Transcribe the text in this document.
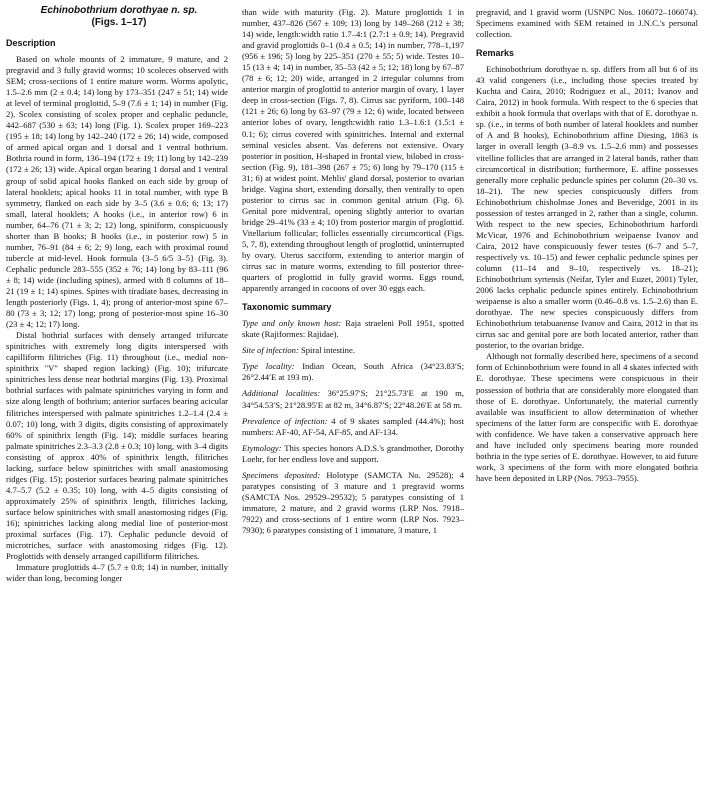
Echinobothrium dorothyae n. sp.
(Figs. 1–17)
Description

Based on whole mounts of 2 immature, 9 mature, and 2 pregravid and 3 fully gravid worms; 10 scoleces observed with SEM; cross-sections of 1 entire mature worm. Worms apolytic, 1.5–2.6 mm (2 ± 0.4; 14) long by 173–351 (247 ± 51; 14) wide at level of terminal proglottid, 5–9 (7.6 ± 1; 14) in number (Fig. 2). Scolex consisting of scolex proper and cephalic peduncle, 442–687 (530 ± 63; 14) long (Fig. 1). Scolex proper 169–223 (195 ± 18; 14) long by 142–240 (172 ± 26; 14) wide, composed of armed apical organ and 1 dorsal and 1 ventral bothrium. Bothria round in form, 136–194 (172 ± 19; 11) long by 142–239 (172 ± 26; 13) wide. Apical organ bearing 1 dorsal and 1 ventral group of solid apical hooks flanked on each side by group of lateral hooklets; apical hooks 11 in total number, with type B symmetry, flanked on each side by 3–5 (3.6 ± 0.6; 6; 13; 17) small, lateral hooklets; A hooks (i.e., in anterior row) 6 in number, 64–76 (71 ± 3; 2; 12) long, spiniform, conspicuously shorter than B hooks; B hooks (i.e., in posterior row) 5 in number, 76–91 (84 ± 6; 2; 9) long, each with proximal round tubercle at mid-level. Hook formula {3–5 6/5 3–5} (Fig. 3). Cephalic peduncle 283–555 (352 ± 76; 14) long by 83–111 (96 ± 8; 14) wide (including spines), armed with 8 columns of 18–21 (19 ± 1; 14) spines. Spines with tiradiate bases, decreasing in length posteriorly (Figs. 1, 4); prong of anterior-most spine 67–80 (73 ± 3; 12; 17) long; prong of posterior-most spine 16–30 (23 ± 4; 12; 17) long.

Distal bothrial surfaces with densely arranged trifurcate spinitriches with extremely long digits interspersed with capilliform filitriches (Fig. 11) throughout (i.e., medial non-spinithrix "V" shaped region lacking) (Fig. 10); trifurcate spinitriches less dense near bothrial margins (Fig. 13). Proximal bothrial surfaces with palmate spinitriches varying in form and size along length of bothrium; anterior surfaces bearing acicular filitriches interspersed with palmate spinitriches 1.2–1.4 (2.4 ± 0.07; 10) long, with 3 digits, digits consisting of approximately 60% of spinithrix length (Fig. 14); middle surfaces bearing palmate spinitriches 2.3–3.3 (2.8 ± 0.3; 10) long, with 3–4 digits consisting of approx 40% of spinithrix length, filitriches lacking, surface below spinitriches with small anastomosing ridges (Fig. 15); posterior surfaces bearing palmate spinitriches 4.7–5.7 (5.2 ± 0.35; 10) long, with 4–5 digits consisting of approximately 25% of spinithrix length, filitriches lacking, surface below spinitriches with small anastomosing ridges (Fig. 16); spinitriches lacking along medial line of posterior-most proximal surfaces (Fig. 17). Cephalic peduncle devoid of microtriches, surface with anastomosing ridges (Fig. 12). Proglottids with densely arranged capilliform filitriches.

Immature proglottids 4–7 (5.7 ± 0.8; 14) in number, initially wider than long, becoming longer

than wide with maturity (Fig. 2). Mature proglottids 1 in number, 437–826 (567 ± 109; 13) long by 149–268 (212 ± 38; 14) wide, length:width ratio 1.7–4:1 (2.7:1 ± 0.9; 14). Pregravid and gravid proglottids 0–1 (0.4 ± 0.5; 14) in number, 778–1,197 (956 ± 196; 5) long by 225–351 (270 ± 55; 5) wide. Testes 10–15 (13 ± 4; 14) in number, 35–53 (42 ± 5; 12; 18) long by 67–87 (78 ± 6; 12; 20) wide, arranged in 2 irregular columns from anterior margin of proglottid to anterior margin of ovary, 1 layer deep in cross-section (Figs. 7, 8). Cirrus sac pyriform, 100–148 (121 ± 26; 6) long by 63–97 (79 ± 12; 6) wide, located between anterior lobes of ovary, length:width ratio 1.3–1.6:1 (1.5:1 ± 0.1; 6); cirrus covered with spinitriches. Internal and external seminal vesicles absent. Vas deferens not extensive. Ovary posterior in position, H-shaped in frontal view, bilobed in cross-section (Fig. 9), 181–398 (267 ± 75; 6) long by 79–170 (115 ± 31; 6) at widest point. Mehlis' gland dorsal, posterior to ovarian bridge. Vagina short, extending dorsally, then ventrally to open posterior to cirrus sac in common genital atrium (Fig. 6). Genital pore midventral, opening slightly anterior to ovarian bridge 29–41% (33 ± 4; 10) from posterior margin of proglottid. Vitellarium follicular; follicles essentially circumcortical (Figs. 5, 7, 8), extending throughout length of proglottid, uninterrupted by ovary. Uterus sacciform, extending to anterior margin of cirrus sac in mature worms, extending to fill posterior three-quarters of proglottid in fully gravid worms. Eggs round, apparently arranged in cocoons of over 30 eggs each.

Taxonomic summary

Type and only known host: Raja straeleni Poll 1951, spotted skate (Rajiformes: Rajidae).

Site of infection: Spiral intestine.

Type locality: Indian Ocean, South Africa (34°23.83′S; 26°2.44′E at 193 m).

Additional localities: 36°25.97′S; 21°25.73′E at 190 m, 34°54.53′S; 21°28.95′E at 82 m, 34°6.87′S; 22°48.26′E at 58 m.

Prevalence of infection: 4 of 9 skates sampled (44.4%); host numbers: AF-40, AF-54, AF-85, and AF-134.

Etymology: This species honors A.D.S.'s grandmother, Dorothy Loehr, for her endless love and support.

Specimens deposited: Holotype (SAMCTA No. 29528); 4 paratypes consisting of 3 mature and 1 pregravid worms (SAMCTA Nos. 29529–29532); 5 paratypes consisting of 1 immature, 2 mature, and 2 gravid worms (LRP Nos. 7918–7922) and cross-sections of 1 entire worm (LRP Nos. 7923–7930); 6 paratypes consisting of 1 immature, 3 mature, 1

pregravid, and 1 gravid worm (USNPC Nos. 106072–106074). Specimens examined with SEM retained in J.N.C.'s personal collection.

Remarks

Echinobothrium dorothyae n. sp. differs from all but 6 of its 43 valid congeners (i.e., including those species treated by Kuchta and Caira, 2010; Rodriguez et al., 2011; Ivanov and Caira, 2012) in hook formula. With respect to the 6 species that exhibit a hook formula that overlaps with that of E. dorothyae n. sp. (i.e., in terms of both number of lateral hooklets and number of A and B hooks), Echinobothrium affine Diesing, 1863 is larger in overall length (3–8.9 vs. 1.5–2.6 mm) and possesses vitelline follicles that are arranged in 2 lateral bands, rather than circumcortical in distribution; furthermore, E. affine possesses generally more cephalic peduncle spines per column (20–30 vs. 18–21). The new species conspicuously differs from Echinobothrium chisholmae Jones and Beveridge, 2001 in its possession of testes arranged in 2, rather than a single, column. With respect to the new species, Echinobothrium harfordi McVicar, 1976 and Echinobothrium weipaense Ivanov and Caira, 2012 have conspicuously fewer testes (6–7 and 5–7, respectively vs. 10–15) and fewer cephalic peduncle spines per column (11–14 and 9–10, respectively vs. 18–21); Echinobothrium syrtensis (Neifar, Tyler and Euzet, 2001) Tyler, 2006 lacks cephalic peduncle spines entirely. Echinobothrium weipaense is also a smaller worm (0.46–0.8 vs. 1.5–2.6) than E. dorothyae. The new species conspicuously differs from Echinobothrium tetabuanense Ivanov and Caira, 2012 in that its cirrus sac and genital pore are both located anterior, rather than posterior, to the ovarian bridge.

Although not formally described here, specimens of a second form of Echinobothrium were found in all 4 skates infected with E. dorothyae. These specimens were conspicuous in their possession of bothria that are considerably more elongated than those of E. dorothyae. Unfortunately, the material currently available was insufficient to allow determination of whether specimens of the latter form are conspecific with E. dorothyae with confidence. We have taken a conservative approach here and have included only specimens bearing more rounded bothria in the type series of E. dorothyae. However, to aid future work, 3 specimens of the form with more elongated bothria have been deposited in LRP (Nos. 7953–7955).
